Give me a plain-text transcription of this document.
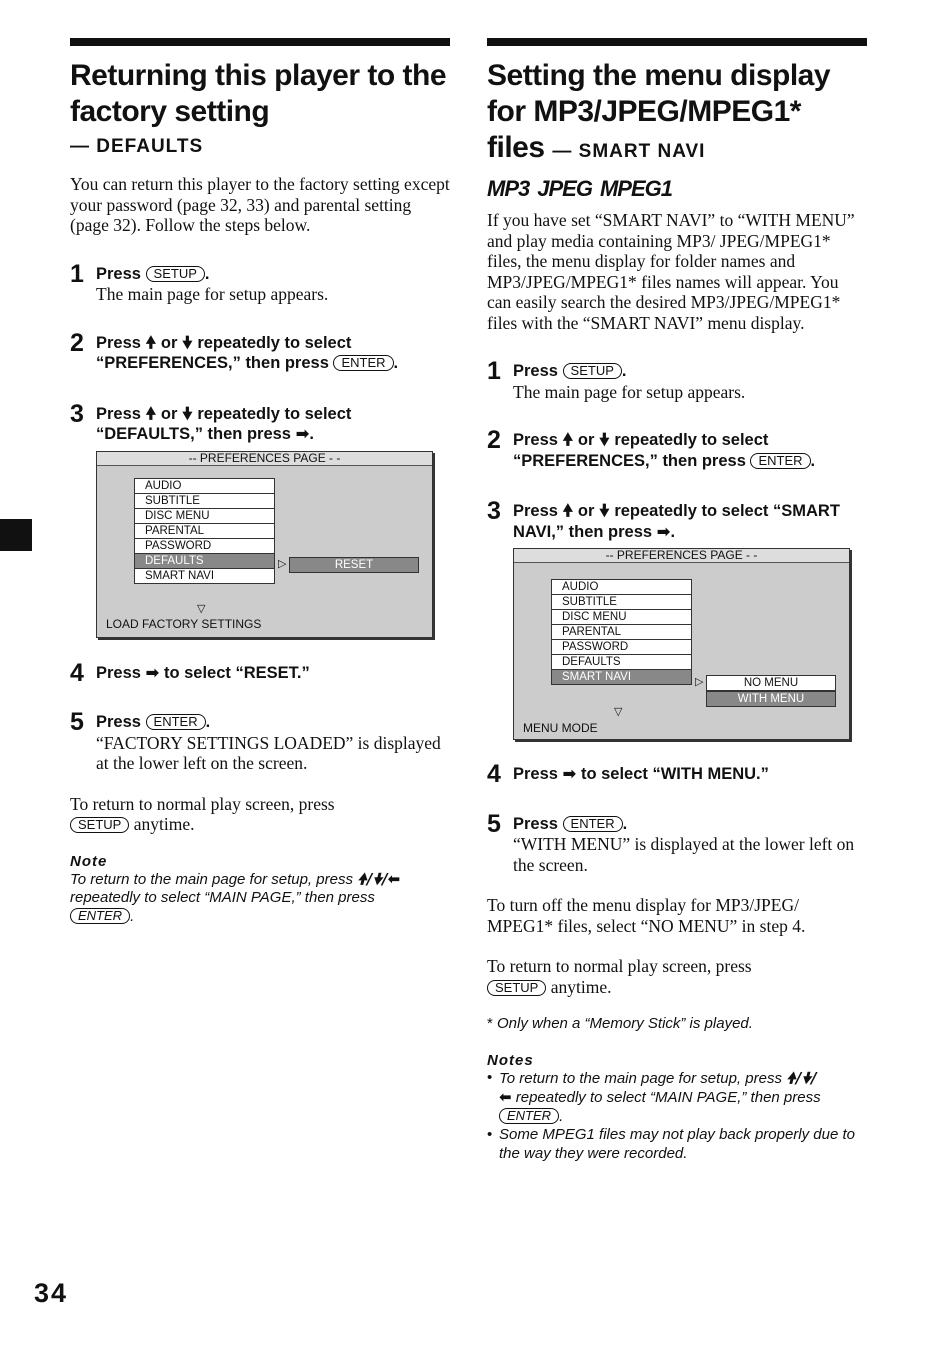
Returning this player to the factory setting
— DEFAULTS

You can return this player to the factory setting except your password (page 32, 33) and parental setting (page 32). Follow the steps below.

1 Press SETUP .
The main page for setup appears.
2 Press 🠝 or 🠟 repeatedly to select “PREFERENCES,” then press ENTER .
3 Press 🠝 or 🠟 repeatedly to select “DEFAULTS,” then press ➡.
-- PREFERENCES PAGE - -
AUDIO
SUBTITLE
DISC MENU
PARENTAL
PASSWORD
DEFAULTS
SMART NAVI
▷	RESET
▽
LOAD FACTORY SETTINGS
4 Press ➡ to select “RESET.”
5 Press ENTER .
“FACTORY SETTINGS LOADED” is displayed at the lower left on the screen.

To return to normal play screen, press
SETUP anytime.

Note
To return to the main page for setup, press 🠝/🠟/⬅ repeatedly to select “MAIN PAGE,” then press
ENTER .
Setting the menu display
for MP3/JPEG/MPEG1*
files — SMART NAVI
MP3 JPEG MPEG1

If you have set “SMART NAVI” to “WITH MENU” and play media containing MP3/ JPEG/MPEG1* files, the menu display for folder names and MP3/JPEG/MPEG1* files names will appear. You can easily search the desired MP3/JPEG/MPEG1* files with the “SMART NAVI” menu display.

1 Press SETUP .
The main page for setup appears.
2 Press 🠝 or 🠟 repeatedly to select “PREFERENCES,” then press ENTER .
3 Press 🠝 or 🠟 repeatedly to select “SMART NAVI,” then press ➡.
-- PREFERENCES PAGE - -
AUDIO
SUBTITLE
DISC MENU
PARENTAL
PASSWORD
DEFAULTS
SMART NAVI	▷	NO MENU
WITH MENU
▽
MENU MODE
4 Press ➡ to select “WITH MENU.”
5 Press ENTER .
“WITH MENU” is displayed at the lower left on the screen.

To turn off the menu display for MP3/JPEG/ MPEG1* files, select “NO MENU” in step 4.

To return to normal play screen, press
SETUP anytime.

* Only when a “Memory Stick” is played.
Notes
• To return to the main page for setup, press 🠝/🠟/
⬅ repeatedly to select “MAIN PAGE,” then press
ENTER .
• Some MPEG1 files may not play back properly due to the way they were recorded.
34
